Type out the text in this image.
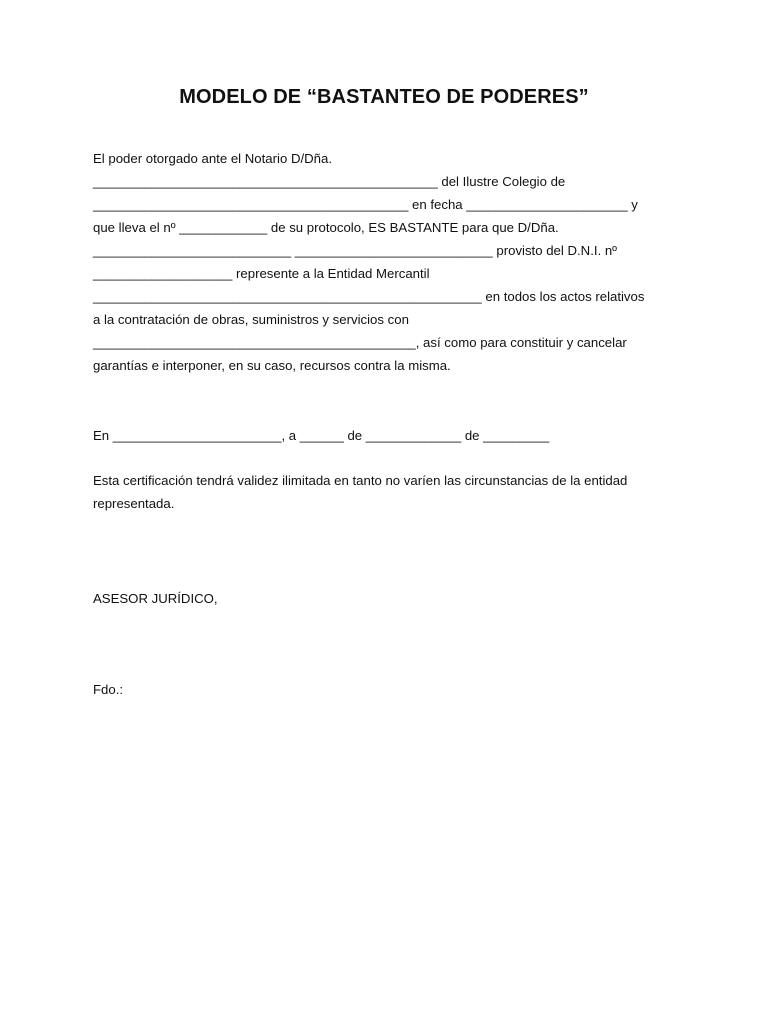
MODELO DE “BASTANTEO DE PODERES”
El poder otorgado ante el Notario D/Dña.
_______________________________________________ del Ilustre Colegio de
___________________________________________ en fecha ______________________ y
que lleva el nº ____________ de su protocolo, ES BASTANTE para que D/Dña.
___________________________ ___________________________ provisto del D.N.I. nº
___________________ represente a la Entidad Mercantil
_____________________________________________________ en todos los actos relativos
a la contratación de obras, suministros y servicios con
____________________________________________, así como para constituir y cancelar
garantías e interponer, en su caso, recursos contra la misma.
En _______________________, a ______ de _____________ de _________
Esta certificación tendrá validez ilimitada en tanto no varíen las circunstancias de la entidad
representada.
ASESOR JURÍDICO,
Fdo.:
